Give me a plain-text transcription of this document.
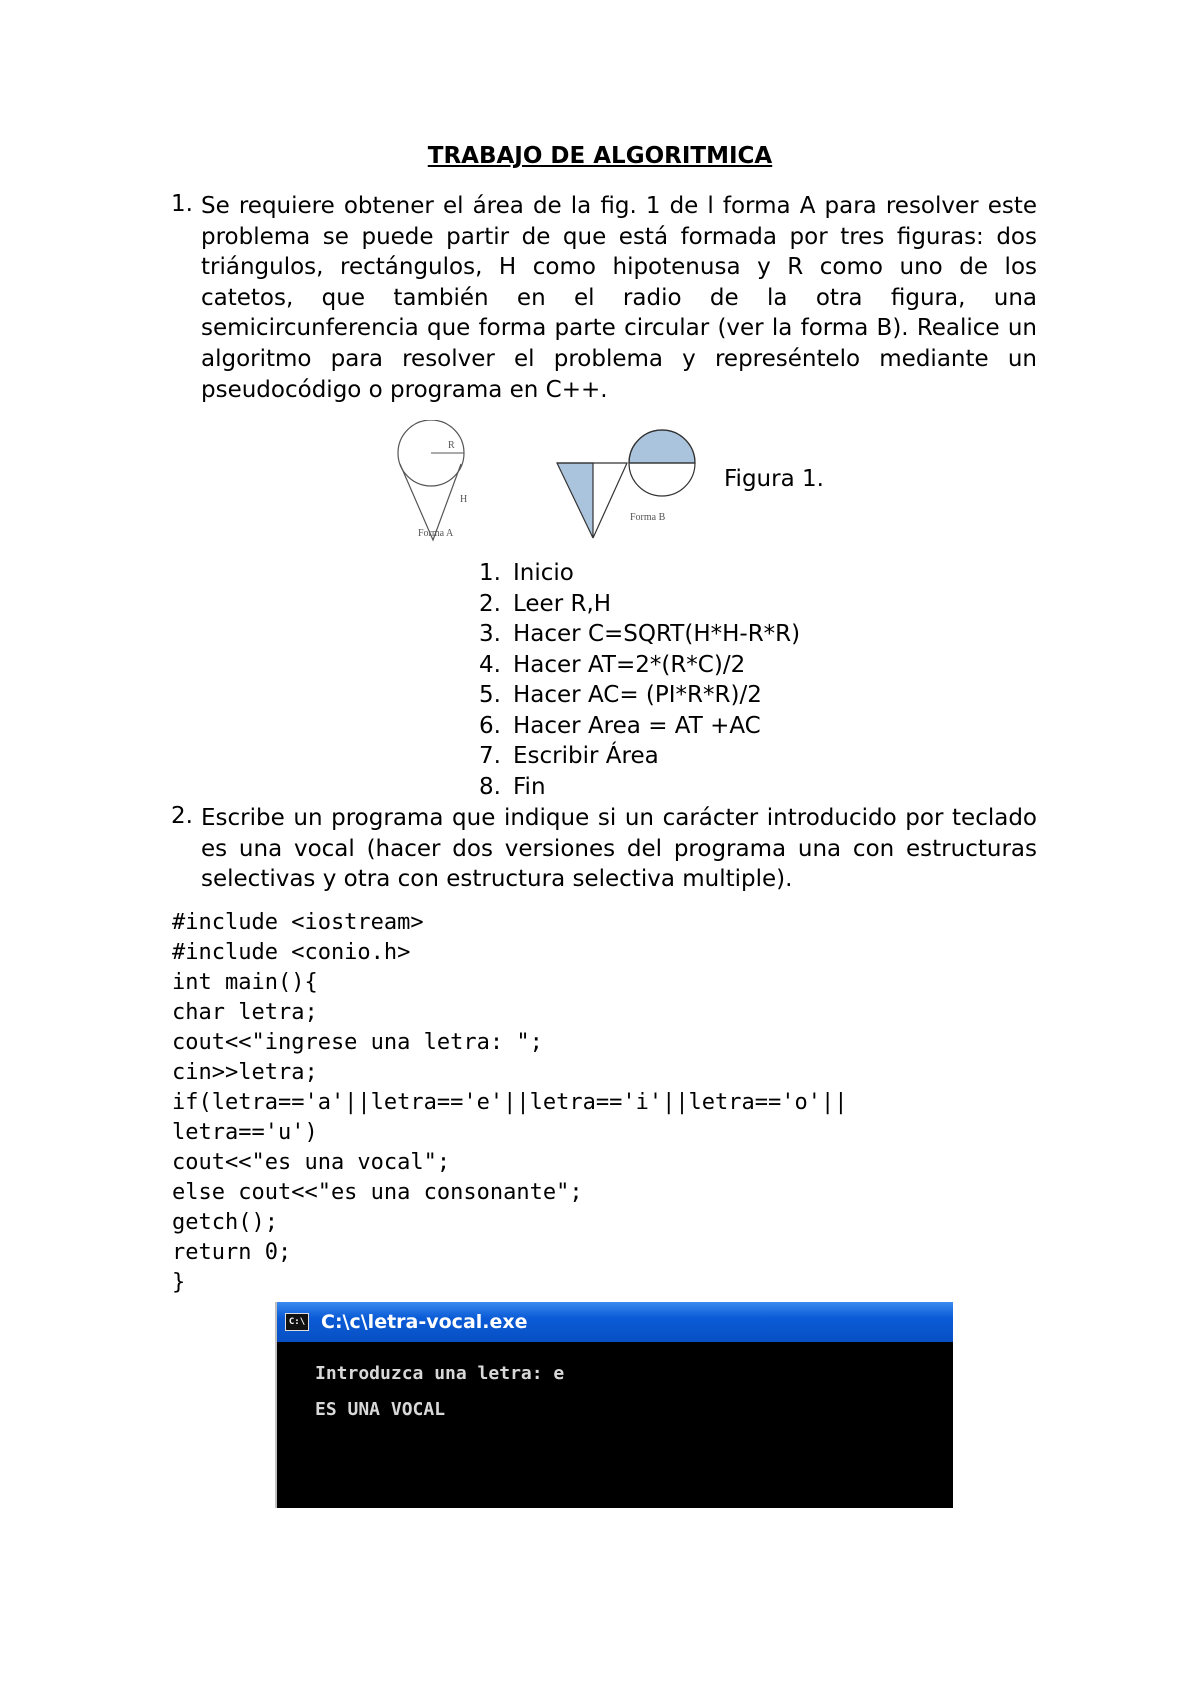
TRABAJO DE ALGORITMICA
1. Se requiere obtener el área de la fig. 1 de l forma A para resolver este problema se puede partir de que está formada por tres figuras: dos triángulos, rectángulos, H como hipotenusa y R como uno de los catetos, que también en el radio de la otra figura, una semicircunferencia que forma parte circular (ver la forma B). Realice un algoritmo para resolver el problema y represéntelo mediante un pseudocódigo o programa en C++.

R
H
Forma A
Forma B
Figura 1.
1. Inicio
2. Leer R,H
3. Hacer C=SQRT(H*H-R*R)
4. Hacer AT=2*(R*C)/2
5. Hacer AC= (PI*R*R)/2
6. Hacer Area = AT +AC
7. Escribir Área
8. Fin
2. Escribe un programa que indique si un carácter introducido por teclado es una vocal (hacer dos versiones del programa una con estructuras selectivas y otra con estructura selectiva multiple).

#include <iostream>
#include <conio.h>
int main(){
char letra;
cout<<"ingrese una letra: ";
cin>>letra;
if(letra=='a'||letra=='e'||letra=='i'||letra=='o'||
letra=='u')
cout<<"es una vocal";
else cout<<"es una consonante";
getch();
return 0;
}
C:\ C:\c\letra-vocal.exe
Introduzca una letra: e
ES UNA VOCAL
